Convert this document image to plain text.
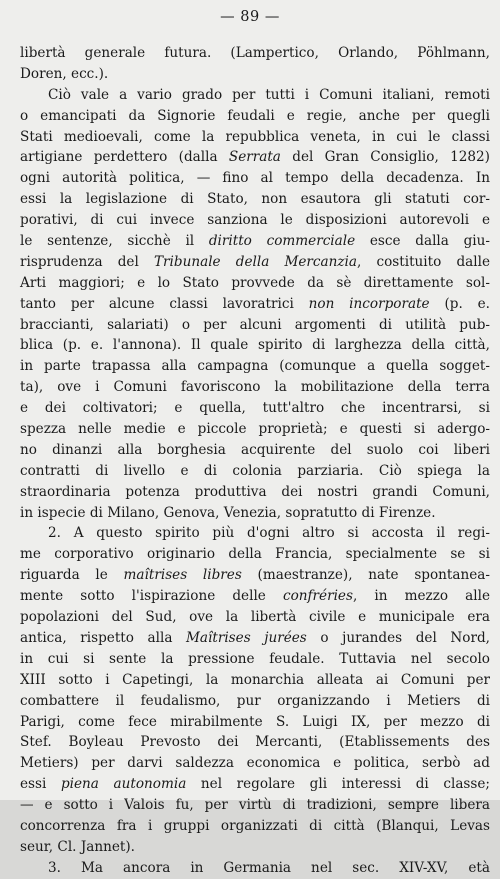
— 89 —
libertà generale futura. (Lampertico, Orlando, Pöhlmann,
Doren, ecc.).
Ciò vale a vario grado per tutti i Comuni italiani, remoti
o emancipati da Signorie feudali e regie, anche per quegli
Stati medioevali, come la repubblica veneta, in cui le classi
artigiane perdettero (dalla Serrata del Gran Consiglio, 1282)
ogni autorità politica, — fino al tempo della decadenza. In
essi la legislazione di Stato, non esautora gli statuti cor-
porativi, di cui invece sanziona le disposizioni autorevoli e
le sentenze, sicchè il diritto commerciale esce dalla giu-
risprudenza del Tribunale della Mercanzia, costituito dalle
Arti maggiori; e lo Stato provvede da sè direttamente sol-
tanto per alcune classi lavoratrici non incorporate (p. e.
braccianti, salariati) o per alcuni argomenti di utilità pub-
blica (p. e. l'annona). Il quale spirito di larghezza della città,
in parte trapassa alla campagna (comunque a quella sogget-
ta), ove i Comuni favoriscono la mobilitazione della terra
e dei coltivatori; e quella, tutt'altro che incentrarsi, si
spezza nelle medie e piccole proprietà; e questi si adergo-
no dinanzi alla borghesia acquirente del suolo coi liberi
contratti di livello e di colonia parziaria. Ciò spiega la
straordinaria potenza produttiva dei nostri grandi Comuni,
in ispecie di Milano, Genova, Venezia, sopratutto di Firenze.
2. A questo spirito più d'ogni altro si accosta il regi-
me corporativo originario della Francia, specialmente se si
riguarda le maîtrises libres (maestranze), nate spontanea-
mente sotto l'ispirazione delle confréries, in mezzo alle
popolazioni del Sud, ove la libertà civile e municipale era
antica, rispetto alla Maîtrises jurées o jurandes del Nord,
in cui si sente la pressione feudale. Tuttavia nel secolo
XIII sotto i Capetingi, la monarchia alleata ai Comuni per
combattere il feudalismo, pur organizzando i Metiers di
Parigi, come fece mirabilmente S. Luigi IX, per mezzo di
Stef. Boyleau Prevosto dei Mercanti, (Etablissements des
Metiers) per darvi saldezza economica e politica, serbò ad
essi piena autonomia nel regolare gli interessi di classe;
— e sotto i Valois fu, per virtù di tradizioni, sempre libera
concorrenza fra i gruppi organizzati di città (Blanqui, Levas
seur, Cl. Jannet).
3. Ma ancora in Germania nel sec. XIV-XV, età
